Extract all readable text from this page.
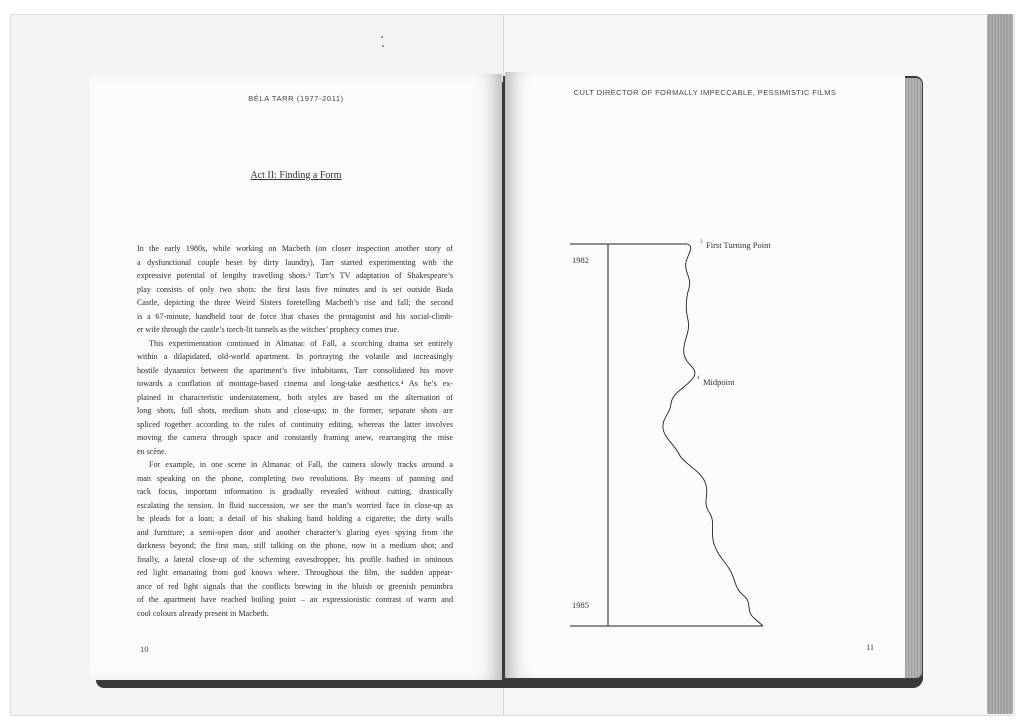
BÉLA TARR (1977-2011)
Act II: Finding a Form

In the early 1980s, while working on Macbeth (on closer inspection another story of
a dysfunctional couple beset by dirty laundry), Tarr started experimenting with the
expressive potential of lengthy travelling shots.³ Tarr’s TV adaptation of Shakespeare’s
play consists of only two shots: the first lasts five minutes and is set outside Buda
Castle, depicting the three Weird Sisters foretelling Macbeth’s rise and fall; the second
is a 67-minute, handheld tour de force that chases the protagonist and his social-climb-
er wife through the castle’s torch-lit tunnels as the witches’ prophecy comes true.

This experimentation continued in Almanac of Fall, a scorching drama set entirely
within a dilapidated, old-world apartment. In portraying the volatile and increasingly
hostile dynamics between the apartment’s five inhabitants, Tarr consolidated his move
towards a conflation of montage-based cinema and long-take aesthetics.⁴ As he’s ex-
plained in characteristic understatement, both styles are based on the alternation of
long shots, full shots, medium shots and close-ups; in the former, separate shots are
spliced together according to the rules of continuity editing, whereas the latter involves
moving the camera through space and constantly framing anew, rearranging the mise
en scène.

For example, in one scene in Almanac of Fall, the camera slowly tracks around a
man speaking on the phone, completing two revolutions. By means of panning and
rack focus, important information is gradually revealed without cutting, drastically
escalating the tension. In fluid succession, we see the man’s worried face in close-up as
he pleads for a loan; a detail of his shaking hand holding a cigarette; the dirty walls
and furniture; a semi-open door and another character’s glaring eyes spying from the
darkness beyond; the first man, still talking on the phone, now in a medium shot; and
finally, a lateral close-up of the scheming eavesdropper, his profile bathed in ominous
red light emanating from god knows where. Throughout the film, the sudden appear-
ance of red light signals that the conflicts brewing in the bluish or greenish penumbra
of the apartment have reached boiling point – an expressionistic contrast of warm and
cool colours already present in Macbeth.

10
CULT DIRECTOR OF FORMALLY IMPECCABLE, PESSIMISTIC FILMS
1982
1985
3 First Turning Point
4 Midpoint
11
